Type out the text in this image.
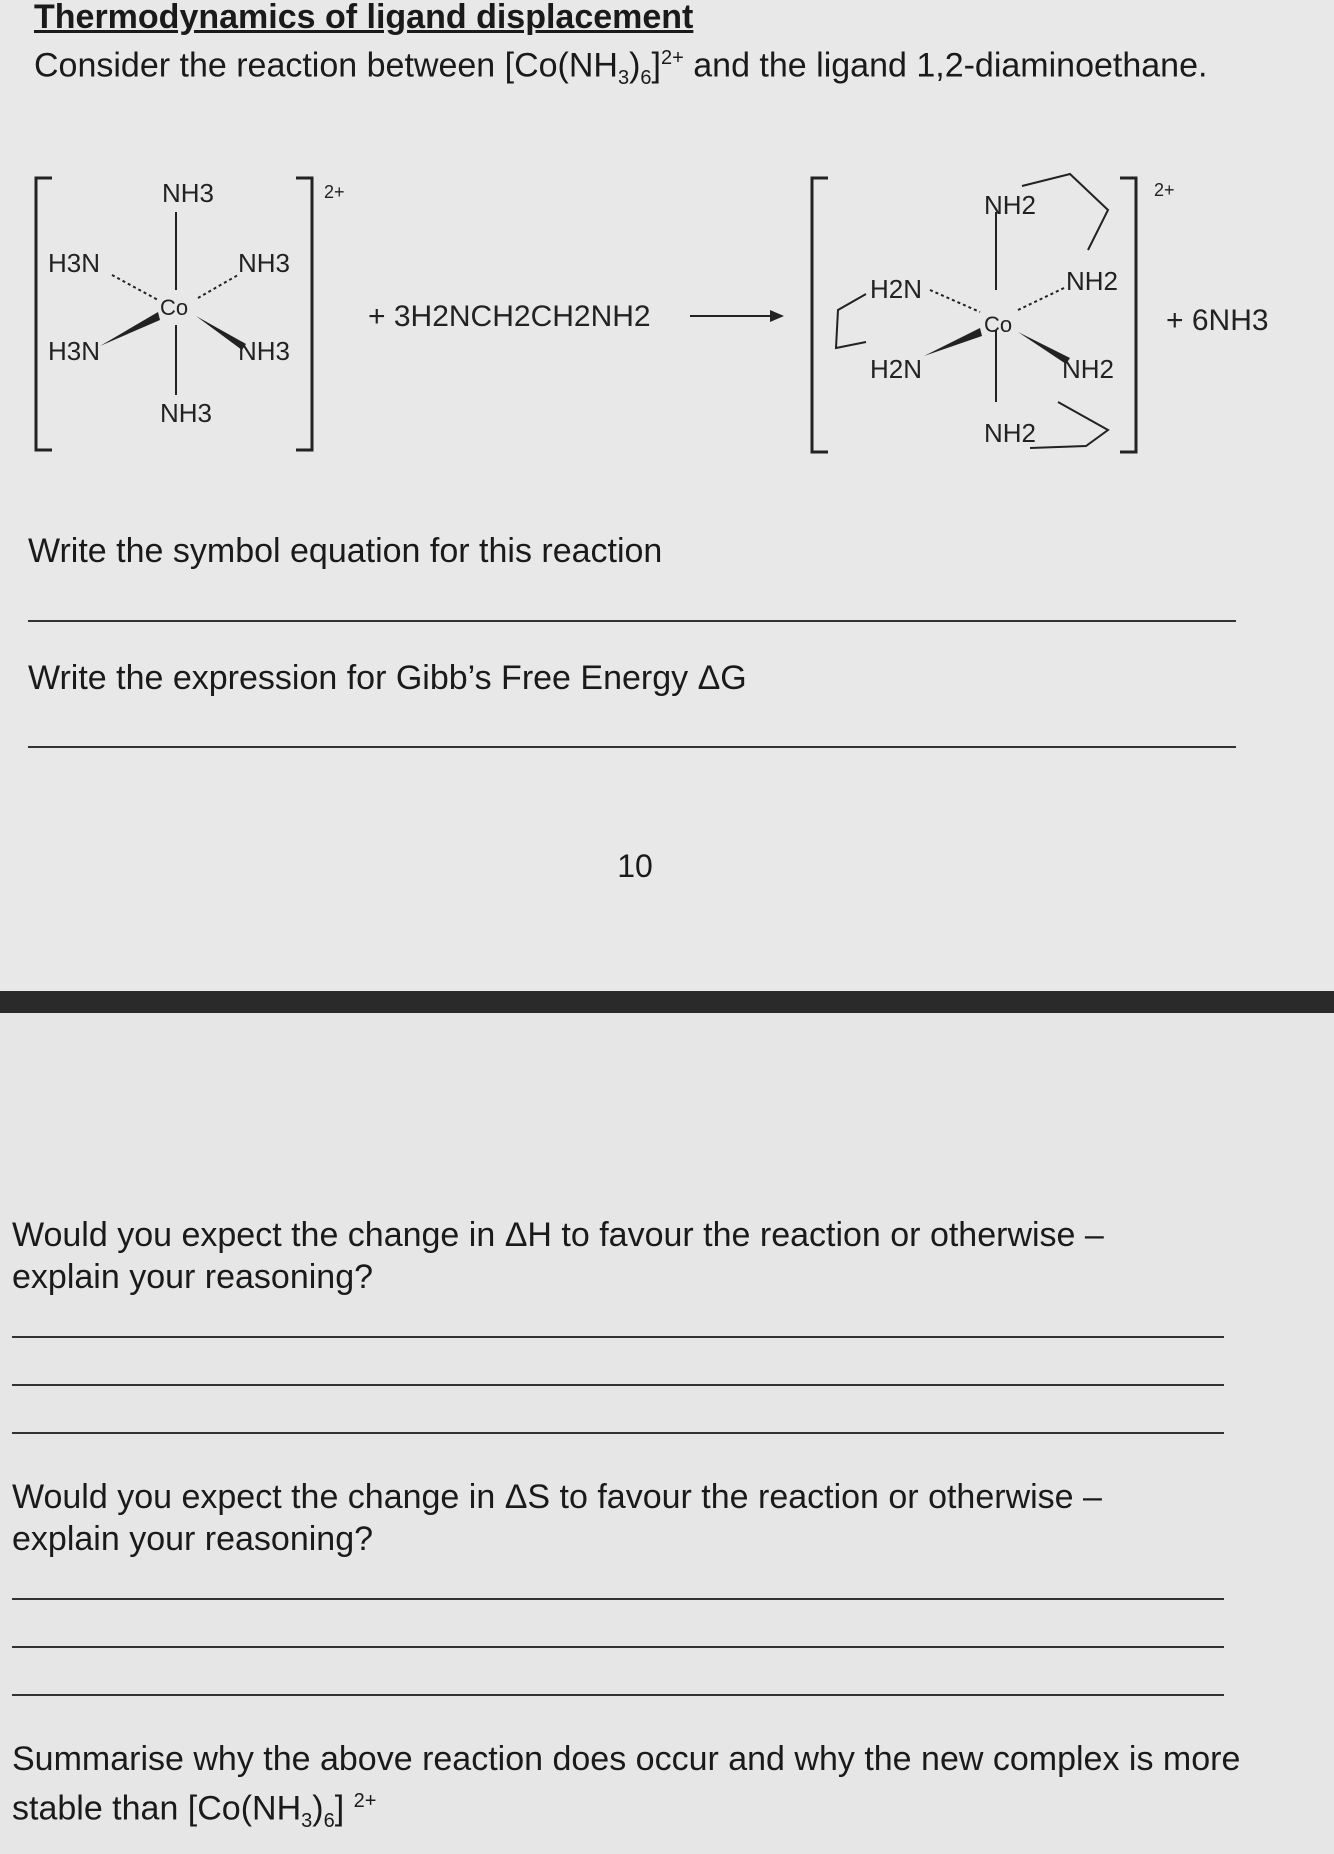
Thermodynamics of ligand displacement
Consider the reaction between $[Co(NH_3)_6]^{2+}$ and the ligand 1,2-diaminoethane.
NH3
NH3
H3N
Co
H3N	NH3
NH3
2+
+ 3H2NCH2CH2NH2
NH2
H2N	NH2
Co
H2N	NH2
NH2
2+
+ 6NH3
Write the symbol equation for this reaction
Write the expression for Gibb’s Free Energy ΔG
10
Would you expect the change in ΔH to favour the reaction or otherwise – explain your reasoning?
Would you expect the change in ΔS to favour the reaction or otherwise – explain your reasoning?
Summarise why the above reaction does occur and why the new complex is more stable than $[Co(NH_3)_6]$ $^{2+}$
